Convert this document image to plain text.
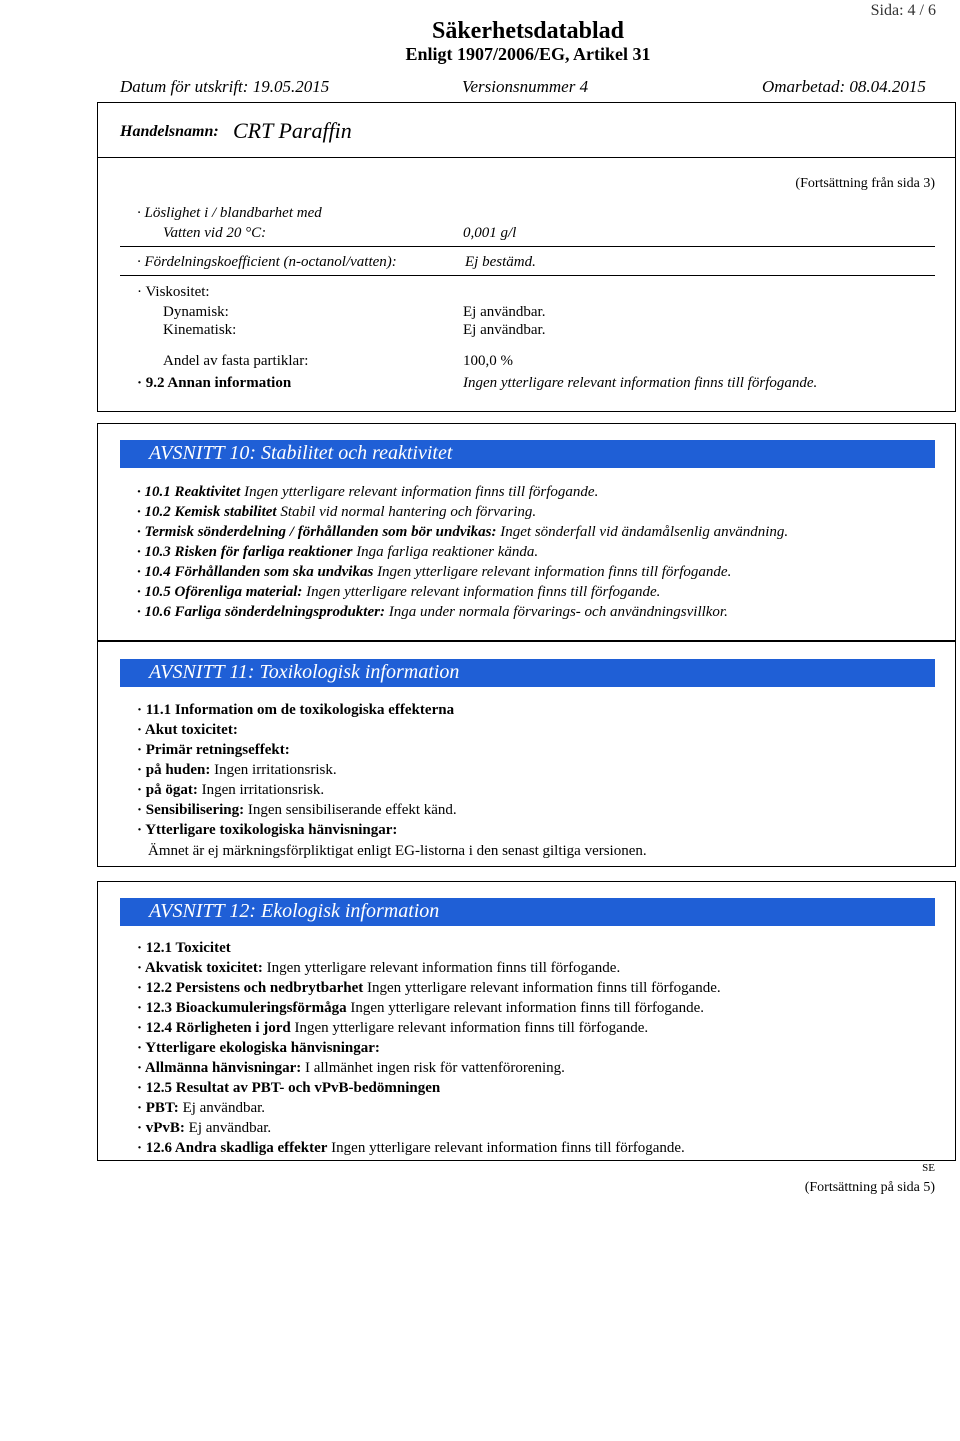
Sida: 4 / 6
Säkerhetsdatablad
Enligt 1907/2006/EG, Artikel 31
Datum för utskrift: 19.05.2015	Versionsnummer 4	Omarbetad: 08.04.2015
Handelsnamn: CRT Paraffin
(Fortsättning från sida 3)
· Löslighet i / blandbarhet med
Vatten vid 20 °C:	0,001 g/l
· Fördelningskoefficient (n-octanol/vatten):	Ej bestämd.
· Viskositet:
Dynamisk:	Ej användbar.
Kinematisk:	Ej användbar.
Andel av fasta partiklar:	100,0 %
· 9.2 Annan information	Ingen ytterligare relevant information finns till förfogande.
AVSNITT 10: Stabilitet och reaktivitet
· 10.1 Reaktivitet Ingen ytterligare relevant information finns till förfogande.
· 10.2 Kemisk stabilitet Stabil vid normal hantering och förvaring.
· Termisk sönderdelning / förhållanden som bör undvikas: Inget sönderfall vid ändamålsenlig användning.
· 10.3 Risken för farliga reaktioner Inga farliga reaktioner kända.
· 10.4 Förhållanden som ska undvikas Ingen ytterligare relevant information finns till förfogande.
· 10.5 Oförenliga material: Ingen ytterligare relevant information finns till förfogande.
· 10.6 Farliga sönderdelningsprodukter: Inga under normala förvarings- och användningsvillkor.
AVSNITT 11: Toxikologisk information
· 11.1 Information om de toxikologiska effekterna
· Akut toxicitet:
· Primär retningseffekt:
· på huden: Ingen irritationsrisk.
· på ögat: Ingen irritationsrisk.
· Sensibilisering: Ingen sensibiliserande effekt känd.
· Ytterligare toxikologiska hänvisningar:
Ämnet är ej märkningsförpliktigat enligt EG-listorna i den senast giltiga versionen.
AVSNITT 12: Ekologisk information
· 12.1 Toxicitet
· Akvatisk toxicitet: Ingen ytterligare relevant information finns till förfogande.
· 12.2 Persistens och nedbrytbarhet Ingen ytterligare relevant information finns till förfogande.
· 12.3 Bioackumuleringsförmåga Ingen ytterligare relevant information finns till förfogande.
· 12.4 Rörligheten i jord Ingen ytterligare relevant information finns till förfogande.
· Ytterligare ekologiska hänvisningar:
· Allmänna hänvisningar: I allmänhet ingen risk för vattenförorening.
· 12.5 Resultat av PBT- och vPvB-bedömningen
· PBT: Ej användbar.
· vPvB: Ej användbar.
· 12.6 Andra skadliga effekter Ingen ytterligare relevant information finns till förfogande.
SE
(Fortsättning på sida 5)
